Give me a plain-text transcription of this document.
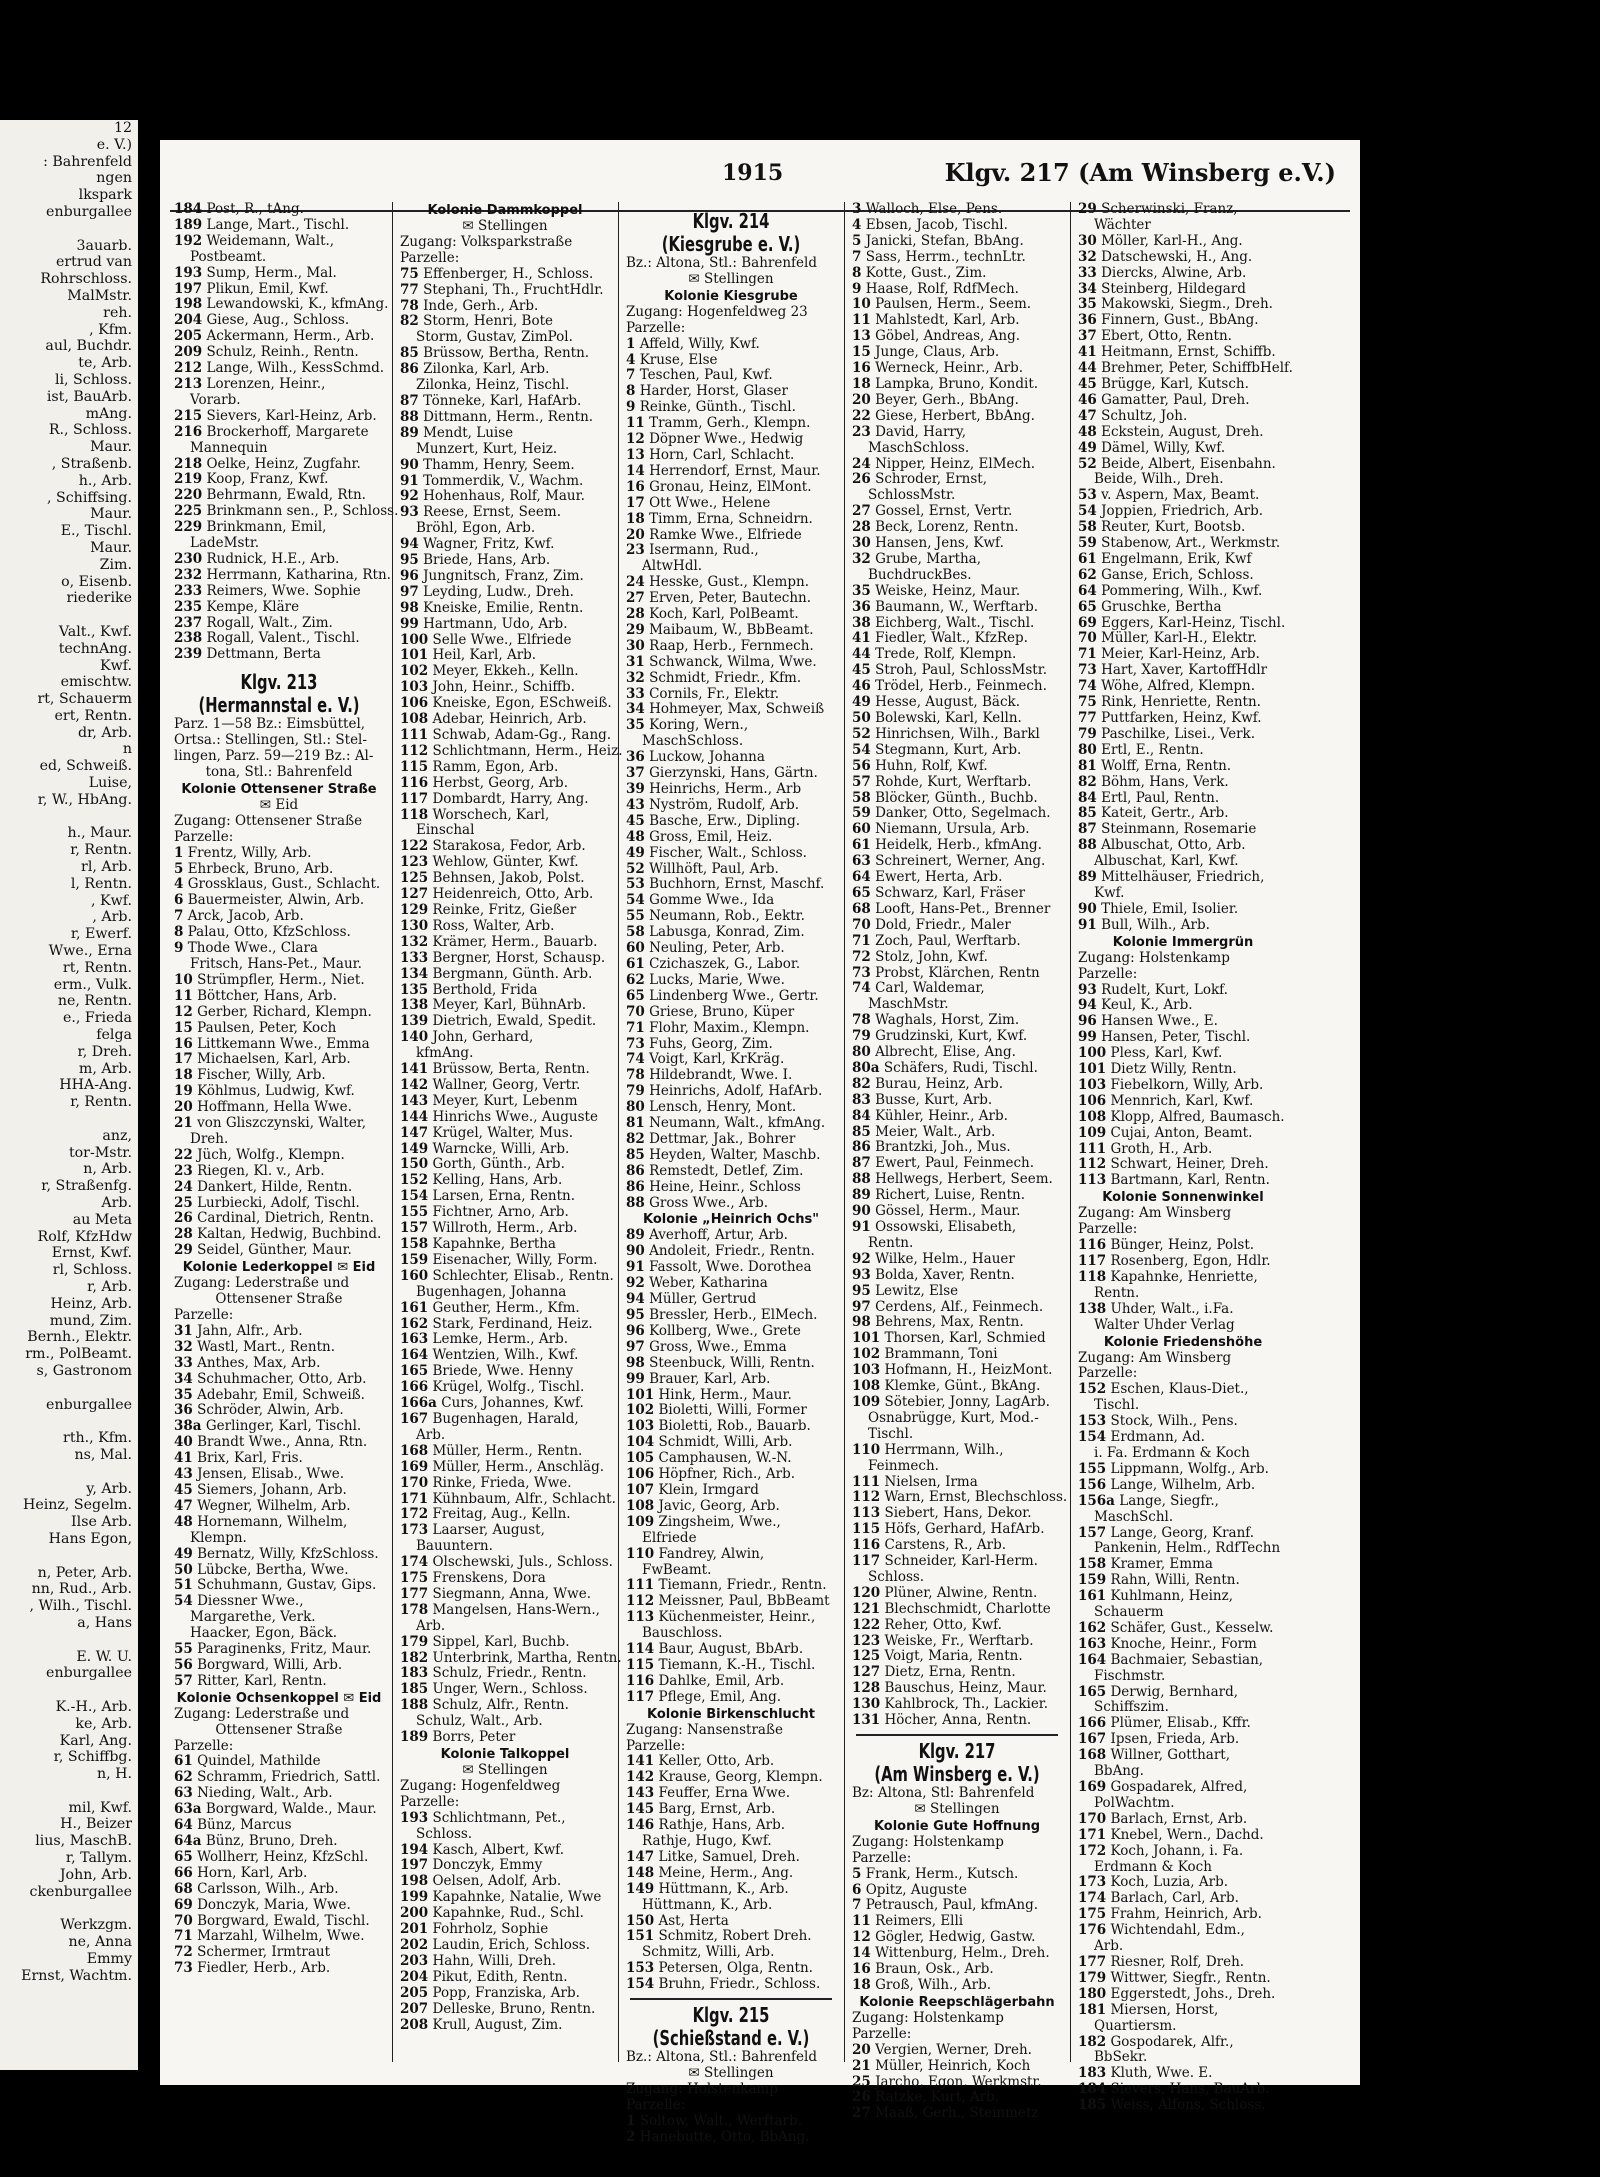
12
e. V.)
: Bahrenfeld
ngen
lkspark
enburgallee

3auarb.
ertrud van
Rohrschloss.
MalMstr.
reh.
, Kfm.
aul, Buchdr.
te, Arb.
li, Schloss.
ist, BauArb.
mAng.
R., Schloss.
Maur.
, Straßenb.
h., Arb.
, Schiffsing.
Maur.
E., Tischl.
Maur.
Zim.
o, Eisenb.
riederike

Valt., Kwf.
technAng.
Kwf.
emischtw.
rt, Schauerm
ert, Rentn.
dr, Arb.
n
ed, Schweiß.
Luise,
r, W., HbAng.

h., Maur.
r, Rentn.
rl, Arb.
l, Rentn.
, Kwf.
, Arb.
r, Ewerf.
Wwe., Erna
rt, Rentn.
erm., Vulk.
ne, Rentn.
e., Frieda
felga
r, Dreh.
m, Arb.
HHA-Ang.
r, Rentn.

anz,
tor-Mstr.
n, Arb.
r, Straßenfg.
Arb.
au Meta
Rolf, KfzHdw
Ernst, Kwf.
rl, Schloss.
r, Arb.
Heinz, Arb.
mund, Zim.
Bernh., Elektr.
rm., PolBeamt.
s, Gastronom

enburgallee

rth., Kfm.
ns, Mal.

y, Arb.
Heinz, Segelm.
Ilse Arb.
Hans Egon,

n, Peter, Arb.
nn, Rud., Arb.
, Wilh., Tischl.
a, Hans

E. W. U.
enburgallee

K.-H., Arb.
ke, Arb.
Karl, Ang.
r, Schiffbg.
n, H.

mil, Kwf.
H., Beizer
lius, MaschB.
r, Tallym.
John, Arb.
ckenburgallee

Werkzgm.
ne, Anna
Emmy
Ernst, Wachtm.
1915	Klgv. 217 (Am Winsberg e.V.)
184 Post, R., tAng.
189 Lange, Mart., Tischl.
192 Weidemann, Walt.,
Postbeamt.
193 Sump, Herm., Mal.
197 Plikun, Emil, Kwf.
198 Lewandowski, K., kfmAng.
204 Giese, Aug., Schloss.
205 Ackermann, Herm., Arb.
209 Schulz, Reinh., Rentn.
212 Lange, Wilh., KessSchmd.
213 Lorenzen, Heinr.,
Vorarb.
215 Sievers, Karl-Heinz, Arb.
216 Brockerhoff, Margarete
Mannequin
218 Oelke, Heinz, Zugfahr.
219 Koop, Franz, Kwf.
220 Behrmann, Ewald, Rtn.
225 Brinkmann sen., P., Schloss.
229 Brinkmann, Emil,
LadeMstr.
230 Rudnick, H.E., Arb.
232 Herrmann, Katharina, Rtn.
233 Reimers, Wwe. Sophie
235 Kempe, Kläre
237 Rogall, Walt., Zim.
238 Rogall, Valent., Tischl.
239 Dettmann, Berta
Klgv. 213
(Hermannstal e. V.)
Parz. 1—58 Bz.: Eimsbüttel,
Ortsa.: Stellingen, Stl.: Stel-
lingen, Parz. 59—219 Bz.: Al-
tona, Stl.: Bahrenfeld
Kolonie Ottensener Straße
✉ Eid
Zugang: Ottensener Straße
Parzelle:
1 Frentz, Willy, Arb.
5 Ehrbeck, Bruno, Arb.
4 Grossklaus, Gust., Schlacht.
6 Bauermeister, Alwin, Arb.
7 Arck, Jacob, Arb.
8 Palau, Otto, KfzSchloss.
9 Thode Wwe., Clara
Fritsch, Hans-Pet., Maur.
10 Strümpfler, Herm., Niet.
11 Böttcher, Hans, Arb.
12 Gerber, Richard, Klempn.
15 Paulsen, Peter, Koch
16 Littkemann Wwe., Emma
17 Michaelsen, Karl, Arb.
18 Fischer, Willy, Arb.
19 Köhlmus, Ludwig, Kwf.
20 Hoffmann, Hella Wwe.
21 von Gliszczynski, Walter,
Dreh.
22 Jüch, Wolfg., Klempn.
23 Riegen, Kl. v., Arb.
24 Dankert, Hilde, Rentn.
25 Lurbiecki, Adolf, Tischl.
26 Cardinal, Dietrich, Rentn.
28 Kaltan, Hedwig, Buchbind.
29 Seidel, Günther, Maur.
Kolonie Lederkoppel ✉ Eid
Zugang: Lederstraße und
Ottensener Straße
Parzelle:
31 Jahn, Alfr., Arb.
32 Wastl, Mart., Rentn.
33 Anthes, Max, Arb.
34 Schuhmacher, Otto, Arb.
35 Adebahr, Emil, Schweiß.
36 Schröder, Alwin, Arb.
38a Gerlinger, Karl, Tischl.
40 Brandt Wwe., Anna, Rtn.
41 Brix, Karl, Fris.
43 Jensen, Elisab., Wwe.
45 Siemers, Johann, Arb.
47 Wegner, Wilhelm, Arb.
48 Hornemann, Wilhelm,
Klempn.
49 Bernatz, Willy, KfzSchloss.
50 Lübcke, Bertha, Wwe.
51 Schuhmann, Gustav, Gips.
54 Diessner Wwe.,
Margarethe, Verk.
Haacker, Egon, Bäck.
55 Paraginenks, Fritz, Maur.
56 Borgward, Willi, Arb.
57 Ritter, Karl, Rentn.
Kolonie Ochsenkoppel ✉ Eid
Zugang: Lederstraße und
Ottensener Straße
Parzelle:
61 Quindel, Mathilde
62 Schramm, Friedrich, Sattl.
63 Nieding, Walt., Arb.
63a Borgward, Walde., Maur.
64 Bünz, Marcus
64a Bünz, Bruno, Dreh.
65 Wollherr, Heinz, KfzSchl.
66 Horn, Karl, Arb.
68 Carlsson, Wilh., Arb.
69 Donczyk, Maria, Wwe.
70 Borgward, Ewald, Tischl.
71 Marzahl, Wilhelm, Wwe.
72 Schermer, Irmtraut
73 Fiedler, Herb., Arb.
Kolonie Dammkoppel
✉ Stellingen
Zugang: Volksparkstraße
Parzelle:
75 Effenberger, H., Schloss.
77 Stephani, Th., FruchtHdlr.
78 Inde, Gerh., Arb.
82 Storm, Henri, Bote
Storm, Gustav, ZimPol.
85 Brüssow, Bertha, Rentn.
86 Zilonka, Karl, Arb.
Zilonka, Heinz, Tischl.
87 Tönneke, Karl, HafArb.
88 Dittmann, Herm., Rentn.
89 Mendt, Luise
Munzert, Kurt, Heiz.
90 Thamm, Henry, Seem.
91 Tommerdik, V., Wachm.
92 Hohenhaus, Rolf, Maur.
93 Reese, Ernst, Seem.
Bröhl, Egon, Arb.
94 Wagner, Fritz, Kwf.
95 Briede, Hans, Arb.
96 Jungnitsch, Franz, Zim.
97 Leyding, Ludw., Dreh.
98 Kneiske, Emilie, Rentn.
99 Hartmann, Udo, Arb.
100 Selle Wwe., Elfriede
101 Heil, Karl, Arb.
102 Meyer, Ekkeh., Kelln.
103 John, Heinr., Schiffb.
106 Kneiske, Egon, ESchweiß.
108 Adebar, Heinrich, Arb.
111 Schwab, Adam-Gg., Rang.
112 Schlichtmann, Herm., Heiz.
115 Ramm, Egon, Arb.
116 Herbst, Georg, Arb.
117 Dombardt, Harry, Ang.
118 Worschech, Karl,
Einschal
122 Starakosa, Fedor, Arb.
123 Wehlow, Günter, Kwf.
125 Behnsen, Jakob, Polst.
127 Heidenreich, Otto, Arb.
129 Reinke, Fritz, Gießer
130 Ross, Walter, Arb.
132 Krämer, Herm., Bauarb.
133 Bergner, Horst, Schausp.
134 Bergmann, Günth. Arb.
135 Berthold, Frida
138 Meyer, Karl, BühnArb.
139 Dietrich, Ewald, Spedit.
140 John, Gerhard,
kfmAng.
141 Brüssow, Berta, Rentn.
142 Wallner, Georg, Vertr.
143 Meyer, Kurt, Lebenm
144 Hinrichs Wwe., Auguste
147 Krügel, Walter, Mus.
149 Warncke, Willi, Arb.
150 Gorth, Günth., Arb.
152 Kelling, Hans, Arb.
154 Larsen, Erna, Rentn.
155 Fichtner, Arno, Arb.
157 Willroth, Herm., Arb.
158 Kapahnke, Bertha
159 Eisenacher, Willy, Form.
160 Schlechter, Elisab., Rentn.
Bugenhagen, Johanna
161 Geuther, Herm., Kfm.
162 Stark, Ferdinand, Heiz.
163 Lemke, Herm., Arb.
164 Wentzien, Wilh., Kwf.
165 Briede, Wwe. Henny
166 Krügel, Wolfg., Tischl.
166a Curs, Johannes, Kwf.
167 Bugenhagen, Harald,
Arb.
168 Müller, Herm., Rentn.
169 Müller, Herm., Anschläg.
170 Rinke, Frieda, Wwe.
171 Kühnbaum, Alfr., Schlacht.
172 Freitag, Aug., Kelln.
173 Laarser, August,
Bauuntern.
174 Olschewski, Juls., Schloss.
175 Frenskens, Dora
177 Siegmann, Anna, Wwe.
178 Mangelsen, Hans-Wern.,
Arb.
179 Sippel, Karl, Buchb.
182 Unterbrink, Martha, Rentn.
183 Schulz, Friedr., Rentn.
185 Unger, Wern., Schloss.
188 Schulz, Alfr., Rentn.
Schulz, Walt., Arb.
189 Borrs, Peter
Kolonie Talkoppel
✉ Stellingen
Zugang: Hogenfeldweg
Parzelle:
193 Schlichtmann, Pet.,
Schloss.
194 Kasch, Albert, Kwf.
197 Donczyk, Emmy
198 Oelsen, Adolf, Arb.
199 Kapahnke, Natalie, Wwe
200 Kapahnke, Rud., Schl.
201 Fohrholz, Sophie
202 Laudin, Erich, Schloss.
203 Hahn, Willi, Dreh.
204 Pikut, Edith, Rentn.
205 Popp, Franziska, Arb.
207 Delleske, Bruno, Rentn.
208 Krull, August, Zim.
Klgv. 214
(Kiesgrube e. V.)
Bz.: Altona, Stl.: Bahrenfeld
✉ Stellingen
Kolonie Kiesgrube
Zugang: Hogenfeldweg 23
Parzelle:
1 Affeld, Willy, Kwf.
4 Kruse, Else
7 Teschen, Paul, Kwf.
8 Harder, Horst, Glaser
9 Reinke, Günth., Tischl.
11 Tramm, Gerh., Klempn.
12 Döpner Wwe., Hedwig
13 Horn, Carl, Schlacht.
14 Herrendorf, Ernst, Maur.
16 Gronau, Heinz, ElMont.
17 Ott Wwe., Helene
18 Timm, Erna, Schneidrn.
20 Ramke Wwe., Elfriede
23 Isermann, Rud.,
AltwHdl.
24 Hesske, Gust., Klempn.
27 Erven, Peter, Bautechn.
28 Koch, Karl, PolBeamt.
29 Maibaum, W., BbBeamt.
30 Raap, Herb., Fernmech.
31 Schwanck, Wilma, Wwe.
32 Schmidt, Friedr., Kfm.
33 Cornils, Fr., Elektr.
34 Hohmeyer, Max, Schweiß
35 Koring, Wern.,
MaschSchloss.
36 Luckow, Johanna
37 Gierzynski, Hans, Gärtn.
39 Heinrichs, Herm., Arb
43 Nyström, Rudolf, Arb.
45 Basche, Erw., Dipling.
48 Gross, Emil, Heiz.
49 Fischer, Walt., Schloss.
52 Willhöft, Paul, Arb.
53 Buchhorn, Ernst, Maschf.
54 Gomme Wwe., Ida
55 Neumann, Rob., Eektr.
58 Labusga, Konrad, Zim.
60 Neuling, Peter, Arb.
61 Czichaszek, G., Labor.
62 Lucks, Marie, Wwe.
65 Lindenberg Wwe., Gertr.
70 Griese, Bruno, Küper
71 Flohr, Maxim., Klempn.
73 Fuhs, Georg, Zim.
74 Voigt, Karl, KrKräg.
78 Hildebrandt, Wwe. I.
79 Heinrichs, Adolf, HafArb.
80 Lensch, Henry, Mont.
81 Neumann, Walt., kfmAng.
82 Dettmar, Jak., Bohrer
85 Heyden, Walter, Maschb.
86 Remstedt, Detlef, Zim.
86 Heine, Heinr., Schloss
88 Gross Wwe., Arb.
Kolonie „Heinrich Ochs"
89 Averhoff, Artur, Arb.
90 Andoleit, Friedr., Rentn.
91 Fassolt, Wwe. Dorothea
92 Weber, Katharina
94 Müller, Gertrud
95 Bressler, Herb., ElMech.
96 Kollberg, Wwe., Grete
97 Gross, Wwe., Emma
98 Steenbuck, Willi, Rentn.
99 Brauer, Karl, Arb.
101 Hink, Herm., Maur.
102 Bioletti, Willi, Former
103 Bioletti, Rob., Bauarb.
104 Schmidt, Willi, Arb.
105 Camphausen, W.-N.
106 Höpfner, Rich., Arb.
107 Klein, Irmgard
108 Javic, Georg, Arb.
109 Zingsheim, Wwe.,
Elfriede
110 Fandrey, Alwin,
FwBeamt.
111 Tiemann, Friedr., Rentn.
112 Meissner, Paul, BbBeamt
113 Küchenmeister, Heinr.,
Bauschloss.
114 Baur, August, BbArb.
115 Tiemann, K.-H., Tischl.
116 Dahlke, Emil, Arb.
117 Pflege, Emil, Ang.
Kolonie Birkenschlucht
Zugang: Nansenstraße
Parzelle:
141 Keller, Otto, Arb.
142 Krause, Georg, Klempn.
143 Feuffer, Erna Wwe.
145 Barg, Ernst, Arb.
146 Rathje, Hans, Arb.
Rathje, Hugo, Kwf.
147 Litke, Samuel, Dreh.
148 Meine, Herm., Ang.
149 Hüttmann, K., Arb.
Hüttmann, K., Arb.
150 Ast, Herta
151 Schmitz, Robert Dreh.
Schmitz, Willi, Arb.
153 Petersen, Olga, Rentn.
154 Bruhn, Friedr., Schloss.
Klgv. 215
(Schießstand e. V.)
Bz.: Altona, Stl.: Bahrenfeld
✉ Stellingen
Zugang: Holstenkamp
Parzelle:
1 Soltow, Walt., Werftarb.
2 Hanebutte, Otto, BbAng.
3 Walloch, Else, Pens.
4 Ebsen, Jacob, Tischl.
5 Janicki, Stefan, BbAng.
7 Sass, Herrm., technLtr.
8 Kotte, Gust., Zim.
9 Haase, Rolf, RdfMech.
10 Paulsen, Herm., Seem.
11 Mahlstedt, Karl, Arb.
13 Göbel, Andreas, Ang.
15 Junge, Claus, Arb.
16 Werneck, Heinr., Arb.
18 Lampka, Bruno, Kondit.
20 Beyer, Gerh., BbAng.
22 Giese, Herbert, BbAng.
23 David, Harry,
MaschSchloss.
24 Nipper, Heinz, ElMech.
26 Schroder, Ernst,
SchlossMstr.
27 Gossel, Ernst, Vertr.
28 Beck, Lorenz, Rentn.
30 Hansen, Jens, Kwf.
32 Grube, Martha,
BuchdruckBes.
35 Weiske, Heinz, Maur.
36 Baumann, W., Werftarb.
38 Eichberg, Walt., Tischl.
41 Fiedler, Walt., KfzRep.
44 Trede, Rolf, Klempn.
45 Stroh, Paul, SchlossMstr.
46 Trödel, Herb., Feinmech.
49 Hesse, August, Bäck.
50 Bolewski, Karl, Kelln.
52 Hinrichsen, Wilh., Barkl
54 Stegmann, Kurt, Arb.
56 Huhn, Rolf, Kwf.
57 Rohde, Kurt, Werftarb.
58 Blöcker, Günth., Buchb.
59 Danker, Otto, Segelmach.
60 Niemann, Ursula, Arb.
61 Heidelk, Herb., kfmAng.
63 Schreinert, Werner, Ang.
64 Ewert, Herta, Arb.
65 Schwarz, Karl, Fräser
68 Looft, Hans-Pet., Brenner
70 Dold, Friedr., Maler
71 Zoch, Paul, Werftarb.
72 Stolz, John, Kwf.
73 Probst, Klärchen, Rentn
74 Carl, Waldemar,
MaschMstr.
78 Waghals, Horst, Zim.
79 Grudzinski, Kurt, Kwf.
80 Albrecht, Elise, Ang.
80a Schäfers, Rudi, Tischl.
82 Burau, Heinz, Arb.
83 Busse, Kurt, Arb.
84 Kühler, Heinr., Arb.
85 Meier, Walt., Arb.
86 Brantzki, Joh., Mus.
87 Ewert, Paul, Feinmech.
88 Hellwegs, Herbert, Seem.
89 Richert, Luise, Rentn.
90 Gössel, Herm., Maur.
91 Ossowski, Elisabeth,
Rentn.
92 Wilke, Helm., Hauer
93 Bolda, Xaver, Rentn.
95 Lewitz, Else
97 Cerdens, Alf., Feinmech.
98 Behrens, Max, Rentn.
101 Thorsen, Karl, Schmied
102 Brammann, Toni
103 Hofmann, H., HeizMont.
108 Klemke, Günt., BkAng.
109 Sötebier, Jonny, LagArb.
Osnabrügge, Kurt, Mod.-
Tischl.
110 Herrmann, Wilh.,
Feinmech.
111 Nielsen, Irma
112 Warn, Ernst, Blechschloss.
113 Siebert, Hans, Dekor.
115 Höfs, Gerhard, HafArb.
116 Carstens, R., Arb.
117 Schneider, Karl-Herm.
Schloss.
120 Plüner, Alwine, Rentn.
121 Blechschmidt, Charlotte
122 Reher, Otto, Kwf.
123 Weiske, Fr., Werftarb.
125 Voigt, Maria, Rentn.
127 Dietz, Erna, Rentn.
128 Bauschus, Heinz, Maur.
130 Kahlbrock, Th., Lackier.
131 Höcher, Anna, Rentn.
Klgv. 217
(Am Winsberg e. V.)
Bz: Altona, Stl: Bahrenfeld
✉ Stellingen
Kolonie Gute Hoffnung
Zugang: Holstenkamp
Parzelle:
5 Frank, Herm., Kutsch.
6 Opitz, Auguste
7 Petrausch, Paul, kfmAng.
11 Reimers, Elli
12 Gögler, Hedwig, Gastw.
14 Wittenburg, Helm., Dreh.
16 Braun, Osk., Arb.
18 Groß, Wilh., Arb.
Kolonie Reepschlägerbahn
Zugang: Holstenkamp
Parzelle:
20 Vergien, Werner, Dreh.
21 Müller, Heinrich, Koch
25 Jarcho, Egon, Werkmstr.
26 Ratzke, Kurt, Arb.
27 Maaß, Gerh., Steinmetz
29 Scherwinski, Franz,
Wächter
30 Möller, Karl-H., Ang.
32 Datschewski, H., Ang.
33 Diercks, Alwine, Arb.
34 Steinberg, Hildegard
35 Makowski, Siegm., Dreh.
36 Finnern, Gust., BbAng.
37 Ebert, Otto, Rentn.
41 Heitmann, Ernst, Schiffb.
44 Brehmer, Peter, SchiffbHelf.
45 Brügge, Karl, Kutsch.
46 Gamatter, Paul, Dreh.
47 Schultz, Joh.
48 Eckstein, August, Dreh.
49 Dämel, Willy, Kwf.
52 Beide, Albert, Eisenbahn.
Beide, Wilh., Dreh.
53 v. Aspern, Max, Beamt.
54 Joppien, Friedrich, Arb.
58 Reuter, Kurt, Bootsb.
59 Stabenow, Art., Werkmstr.
61 Engelmann, Erik, Kwf
62 Ganse, Erich, Schloss.
64 Pommering, Wilh., Kwf.
65 Gruschke, Bertha
69 Eggers, Karl-Heinz, Tischl.
70 Müller, Karl-H., Elektr.
71 Meier, Karl-Heinz, Arb.
73 Hart, Xaver, KartoffHdlr
74 Wöhe, Alfred, Klempn.
75 Rink, Henriette, Rentn.
77 Puttfarken, Heinz, Kwf.
79 Paschilke, Lisei., Verk.
80 Ertl, E., Rentn.
81 Wolff, Erna, Rentn.
82 Böhm, Hans, Verk.
84 Ertl, Paul, Rentn.
85 Kateit, Gertr., Arb.
87 Steinmann, Rosemarie
88 Albuschat, Otto, Arb.
Albuschat, Karl, Kwf.
89 Mittelhäuser, Friedrich,
Kwf.
90 Thiele, Emil, Isolier.
91 Bull, Wilh., Arb.
Kolonie Immergrün
Zugang: Holstenkamp
Parzelle:
93 Rudelt, Kurt, Lokf.
94 Keul, K., Arb.
96 Hansen Wwe., E.
99 Hansen, Peter, Tischl.
100 Pless, Karl, Kwf.
101 Dietz Willy, Rentn.
103 Fiebelkorn, Willy, Arb.
106 Mennrich, Karl, Kwf.
108 Klopp, Alfred, Baumasch.
109 Cujai, Anton, Beamt.
111 Groth, H., Arb.
112 Schwart, Heiner, Dreh.
113 Bartmann, Karl, Rentn.
Kolonie Sonnenwinkel
Zugang: Am Winsberg
Parzelle:
116 Bünger, Heinz, Polst.
117 Rosenberg, Egon, Hdlr.
118 Kapahnke, Henriette,
Rentn.
138 Uhder, Walt., i.Fa.
Walter Uhder Verlag
Kolonie Friedenshöhe
Zugang: Am Winsberg
Parzelle:
152 Eschen, Klaus-Diet.,
Tischl.
153 Stock, Wilh., Pens.
154 Erdmann, Ad.
i. Fa. Erdmann & Koch
155 Lippmann, Wolfg., Arb.
156 Lange, Wilhelm, Arb.
156a Lange, Siegfr.,
MaschSchl.
157 Lange, Georg, Kranf.
Pankenin, Helm., RdfTechn
158 Kramer, Emma
159 Rahn, Willi, Rentn.
161 Kuhlmann, Heinz,
Schauerm
162 Schäfer, Gust., Kesselw.
163 Knoche, Heinr., Form
164 Bachmaier, Sebastian,
Fischmstr.
165 Derwig, Bernhard,
Schiffszim.
166 Plümer, Elisab., Kffr.
167 Ipsen, Frieda, Arb.
168 Willner, Gotthart,
BbAng.
169 Gospadarek, Alfred,
PolWachtm.
170 Barlach, Ernst, Arb.
171 Knebel, Wern., Dachd.
172 Koch, Johann, i. Fa.
Erdmann & Koch
173 Koch, Luzia, Arb.
174 Barlach, Carl, Arb.
175 Frahm, Heinrich, Arb.
176 Wichtendahl, Edm.,
Arb.
177 Riesner, Rolf, Dreh.
179 Wittwer, Siegfr., Rentn.
180 Eggerstedt, Johs., Dreh.
181 Miersen, Horst,
Quartiersm.
182 Gospodarek, Alfr.,
BbSekr.
183 Kluth, Wwe. E.
184 Sievers, Hans, BauArb.
185 Weiss, Alfons, Schloss.
